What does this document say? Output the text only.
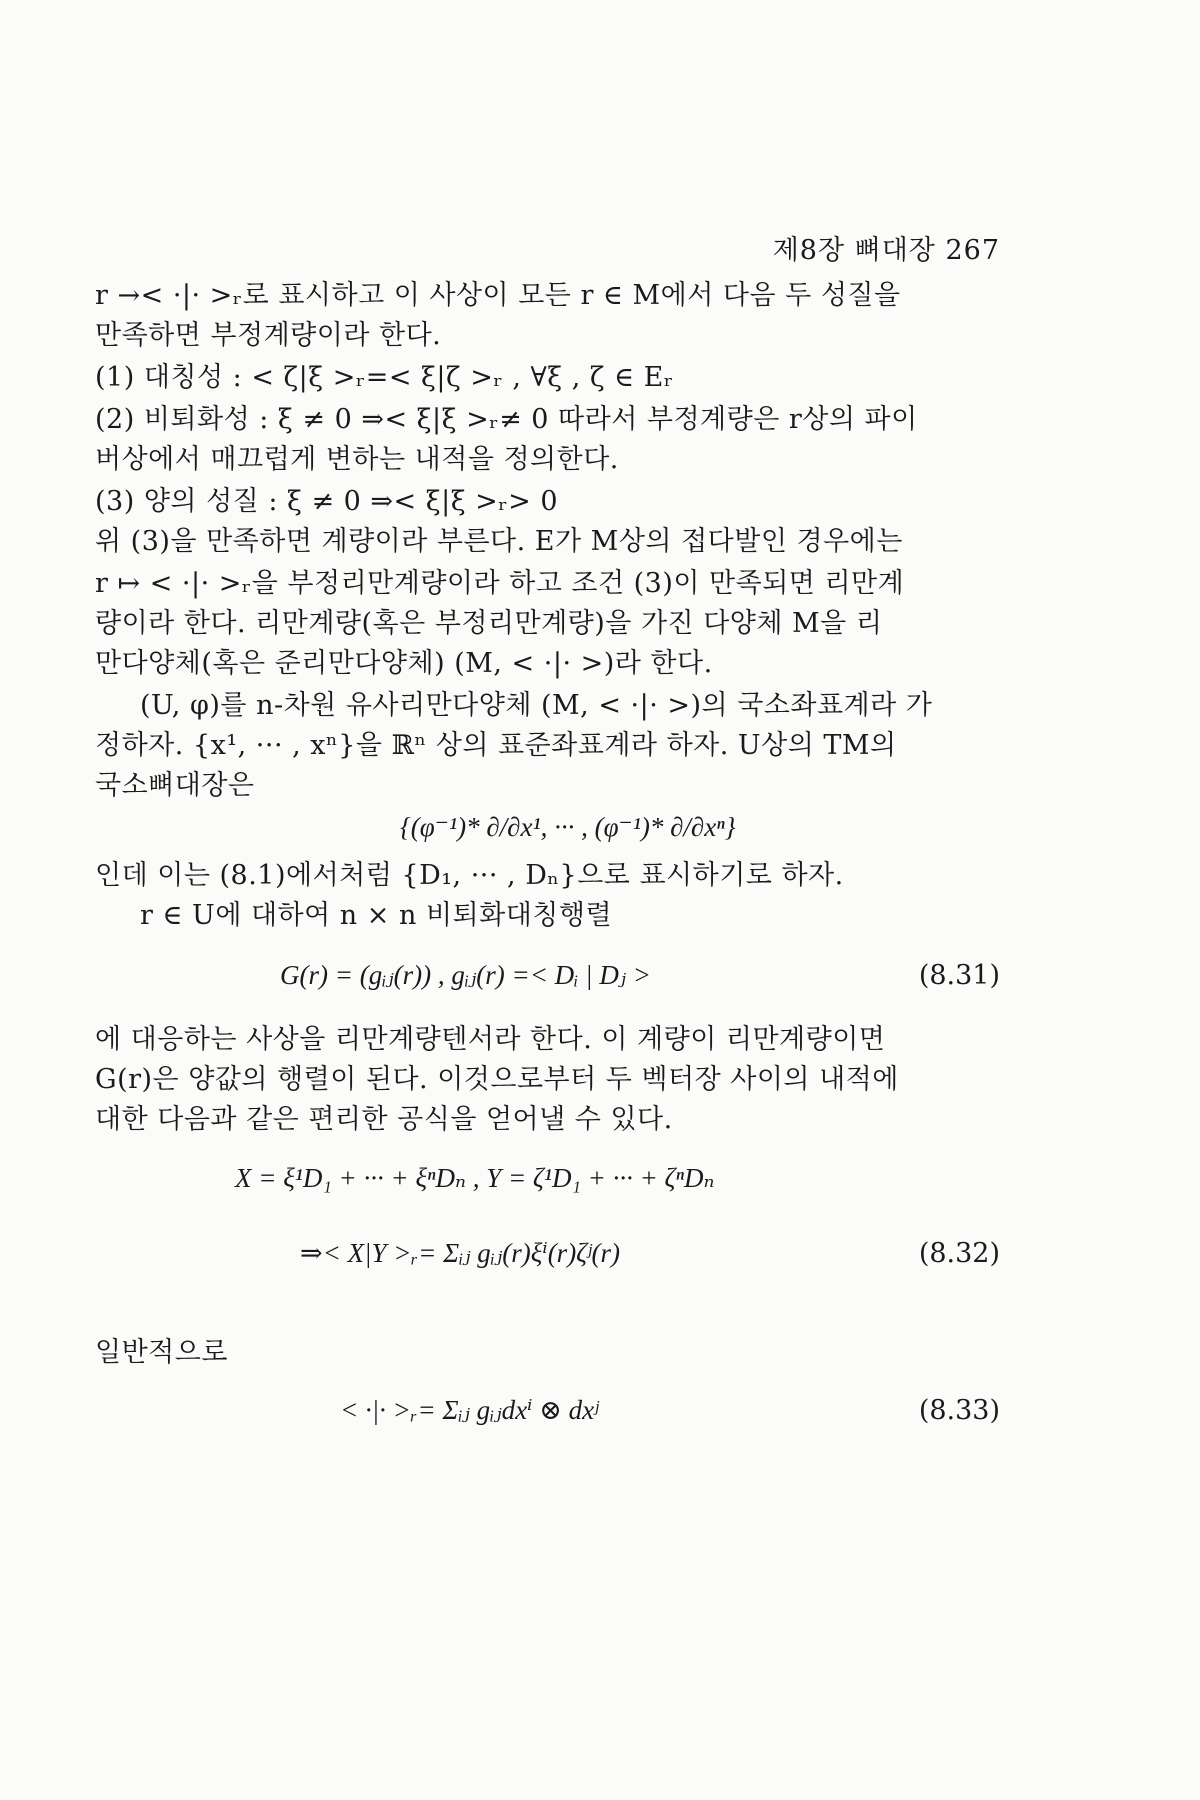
제8장 뼈대장 267
r →< ·|· >ᵣ로 표시하고 이 사상이 모든 r ∈ M에서 다음 두 성질을
만족하면 부정계량이라 한다.
(1) 대칭성 : < ζ|ξ >ᵣ=< ξ|ζ >ᵣ , ∀ξ , ζ ∈ Eᵣ
(2) 비퇴화성 : ξ ≠ 0 ⇒< ξ|ξ >ᵣ≠ 0 따라서 부정계량은 r상의 파이
버상에서 매끄럽게 변하는 내적을 정의한다.
(3) 양의 성질 : ξ ≠ 0 ⇒< ξ|ξ >ᵣ> 0
위 (3)을 만족하면 계량이라 부른다. E가 M상의 접다발인 경우에는
r ↦ < ·|· >ᵣ을 부정리만계량이라 하고 조건 (3)이 만족되면 리만계
량이라 한다. 리만계량(혹은 부정리만계량)을 가진 다양체 M을 리
만다양체(혹은 준리만다양체) (M, < ·|· >)라 한다.
(U, φ)를 n-차원 유사리만다양체 (M, < ·|· >)의 국소좌표계라 가
정하자. {x¹, ··· , xⁿ}을 ℝⁿ 상의 표준좌표계라 하자. U상의 TM의
국소뼈대장은
{(φ⁻¹)* ∂/∂x¹, ··· , (φ⁻¹)* ∂/∂xⁿ}
인데 이는 (8.1)에서처럼 {D₁, ··· , Dₙ}으로 표시하기로 하자.
r ∈ U에 대하여 n × n 비퇴화대칭행렬
G(r) = (gᵢⱼ(r)) , gᵢⱼ(r) =< Dᵢ | Dⱼ >	(8.31)
에 대응하는 사상을 리만계량텐서라 한다. 이 계량이 리만계량이면
G(r)은 양값의 행렬이 된다. 이것으로부터 두 벡터장 사이의 내적에
대한 다음과 같은 편리한 공식을 얻어낼 수 있다.
X = ξ¹D₁ + ··· + ξⁿDₙ , Y = ζ¹D₁ + ··· + ζⁿDₙ
⇒< X|Y >ᵣ= Σᵢⱼ gᵢⱼ(r)ξⁱ(r)ζʲ(r)	(8.32)
일반적으로
< ·|· >ᵣ= Σᵢⱼ gᵢⱼdxⁱ ⊗ dxʲ	(8.33)
